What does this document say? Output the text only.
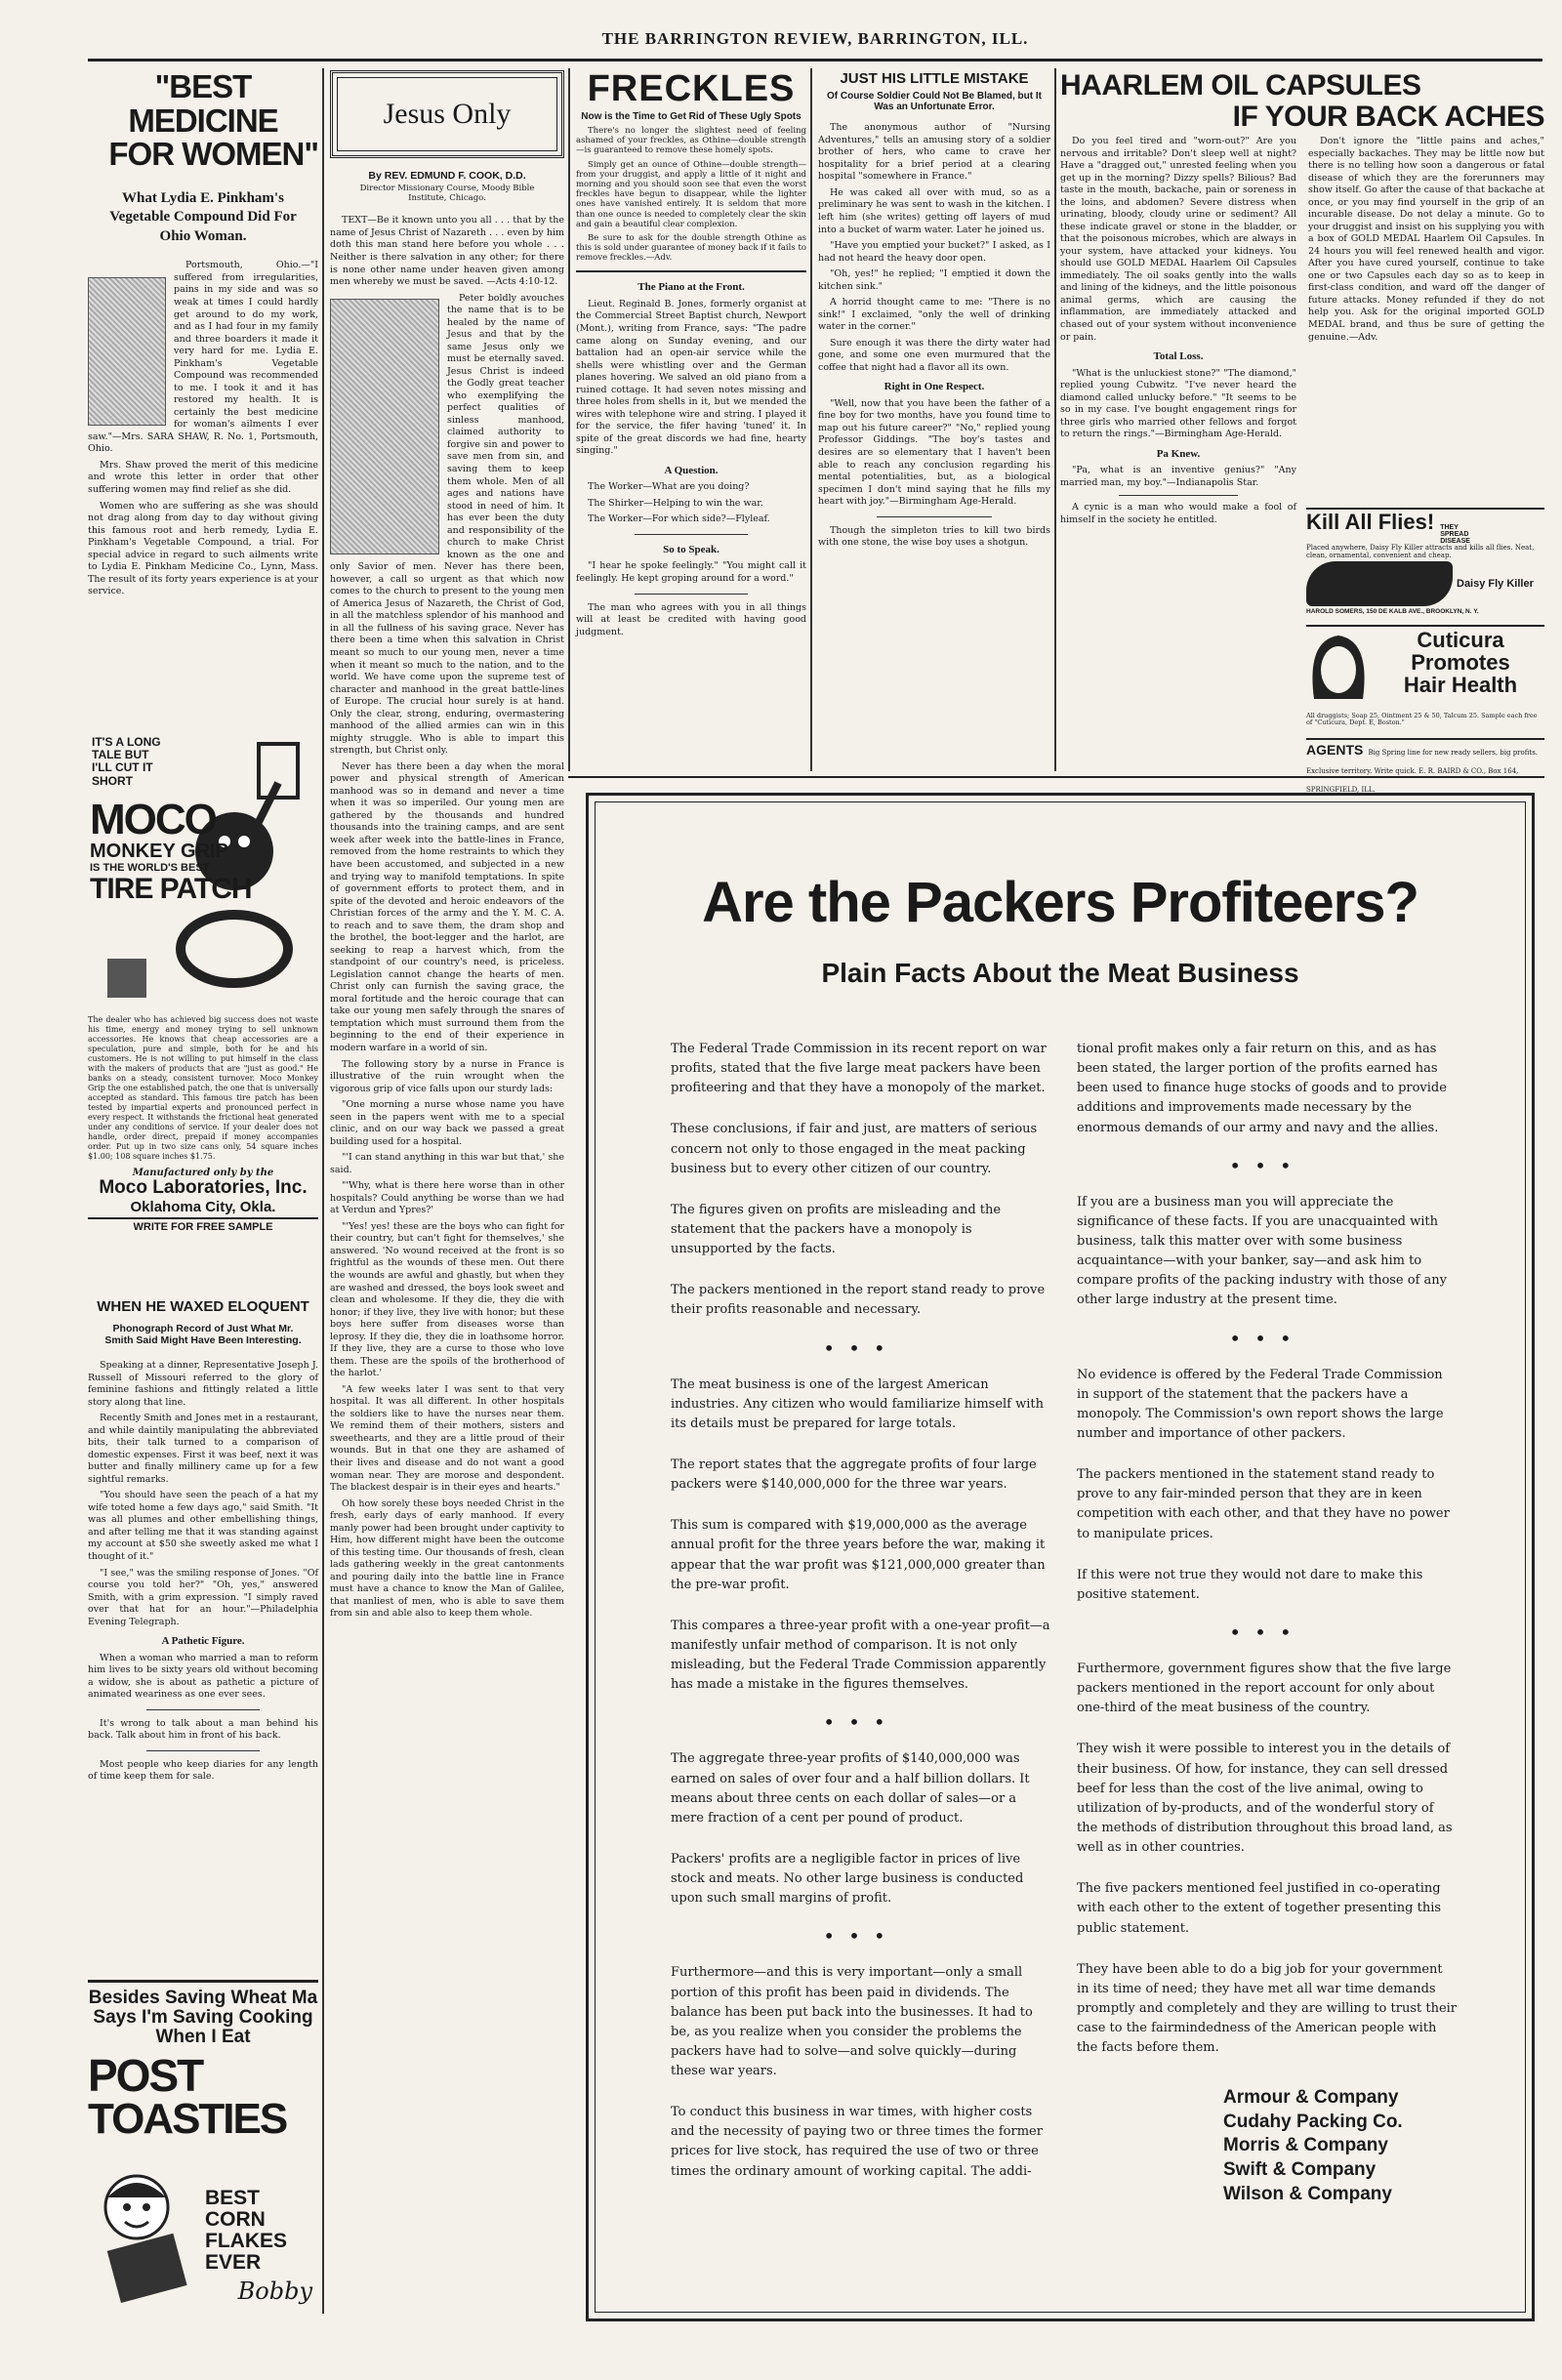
THE BARRINGTON REVIEW, BARRINGTON, ILL.
"BEST MEDICINE
FOR WOMEN"
What Lydia E. Pinkham's Vegetable Compound Did For Ohio Woman.

Portsmouth, Ohio.—"I suffered from irregularities, pains in my side and was so weak at times I could hardly get around to do my work, and as I had four in my family and three boarders it made it very hard for me. Lydia E. Pinkham's Vegetable Compound was recommended to me. I took it and it has restored my health. It is certainly the best medicine for woman's ailments I ever saw."—Mrs. SARA SHAW, R. No. 1, Portsmouth, Ohio.

Mrs. Shaw proved the merit of this medicine and wrote this letter in order that other suffering women may find relief as she did.

Women who are suffering as she was should not drag along from day to day without giving this famous root and herb remedy, Lydia E. Pinkham's Vegetable Compound, a trial. For special advice in regard to such ailments write to Lydia E. Pinkham Medicine Co., Lynn, Mass. The result of its forty years experience is at your service.

IT'S A LONG TALE BUT I'LL CUT IT SHORT
MOCO
MONKEY GRIP
IS THE WORLD'S BEST
TIRE PATCH
The dealer who has achieved big success does not waste his time, energy and money trying to sell unknown accessories. He knows that cheap accessories are a speculation, pure and simple, both for he and his customers. He is not willing to put himself in the class with the makers of products that are "just as good." He banks on a steady, consistent turnover. Moco Monkey Grip the one established patch, the one that is universally accepted as standard. This famous tire patch has been tested by impartial experts and pronounced perfect in every respect. It withstands the frictional heat generated under any conditions of service. If your dealer does not handle, order direct, prepaid if money accompanies order. Put up in two size cans only, 54 square inches $1.00; 108 square inches $1.75.
Manufactured only by the
Moco Laboratories, Inc.
Oklahoma City, Okla.
WRITE FOR FREE SAMPLE
WHEN HE WAXED ELOQUENT
Phonograph Record of Just What Mr. Smith Said Might Have Been Interesting.

Speaking at a dinner, Representative Joseph J. Russell of Missouri referred to the glory of feminine fashions and fittingly related a little story along that line.

Recently Smith and Jones met in a restaurant, and while daintily manipulating the abbreviated bits, their talk turned to a comparison of domestic expenses. First it was beef, next it was butter and finally millinery came up for a few sightful remarks.

"You should have seen the peach of a hat my wife toted home a few days ago," said Smith. "It was all plumes and other embellishing things, and after telling me that it was standing against my account at $50 she sweetly asked me what I thought of it."

"I see," was the smiling response of Jones. "Of course you told her?" "Oh, yes," answered Smith, with a grim expression. "I simply raved over that hat for an hour."—Philadelphia Evening Telegraph.

A Pathetic Figure.

When a woman who married a man to reform him lives to be sixty years old without becoming a widow, she is about as pathetic a picture of animated weariness as one ever sees.

It's wrong to talk about a man behind his back. Talk about him in front of his back.

Most people who keep diaries for any length of time keep them for sale.

Besides Saving Wheat Ma Says I'm Saving Cooking When I Eat
POST
TOASTIES
BEST CORN FLAKES EVER
Bobby
Jesus Only
By REV. EDMUND F. COOK, D.D.
Director Missionary Course, Moody Bible Institute, Chicago.

TEXT—Be it known unto you all . . . that by the name of Jesus Christ of Nazareth . . . even by him doth this man stand here before you whole . . . Neither is there salvation in any other; for there is none other name under heaven given among men whereby we must be saved. —Acts 4:10-12.

Peter boldly avouches the name that is to be healed by the name of Jesus and that by the same Jesus only we must be eternally saved. Jesus Christ is indeed the Godly great teacher who exemplifying the perfect qualities of sinless manhood, claimed authority to forgive sin and power to save men from sin, and saving them to keep them whole. Men of all ages and nations have stood in need of him. It has ever been the duty and responsibility of the church to make Christ known as the one and only Savior of men. Never has there been, however, a call so urgent as that which now comes to the church to present to the young men of America Jesus of Nazareth, the Christ of God, in all the matchless splendor of his manhood and in all the fullness of his saving grace. Never has there been a time when this salvation in Christ meant so much to our young men, never a time when it meant so much to the nation, and to the world. We have come upon the supreme test of character and manhood in the great battle-lines of Europe. The crucial hour surely is at hand. Only the clear, strong, enduring, overmastering manhood of the allied armies can win in this mighty struggle. Who is able to impart this strength, but Christ only.

Never has there been a day when the moral power and physical strength of American manhood was so in demand and never a time when it was so imperiled. Our young men are gathered by the thousands and hundred thousands into the training camps, and are sent week after week into the battle-lines in France, removed from the home restraints to which they have been accustomed, and subjected in a new and trying way to manifold temptations. In spite of government efforts to protect them, and in spite of the devoted and heroic endeavors of the Christian forces of the army and the Y. M. C. A. to reach and to save them, the dram shop and the brothel, the boot-legger and the harlot, are seeking to reap a harvest which, from the standpoint of our country's need, is priceless. Legislation cannot change the hearts of men. Christ only can furnish the saving grace, the moral fortitude and the heroic courage that can take our young men safely through the snares of temptation which must surround them from the beginning to the end of their experience in modern warfare in a world of sin.

The following story by a nurse in France is illustrative of the ruin wrought when the vigorous grip of vice falls upon our sturdy lads:

"One morning a nurse whose name you have seen in the papers went with me to a special clinic, and on our way back we passed a great building used for a hospital.

"'I can stand anything in this war but that,' she said.

"'Why, what is there here worse than in other hospitals? Could anything be worse than we had at Verdun and Ypres?'

"'Yes! yes! these are the boys who can fight for their country, but can't fight for themselves,' she answered. 'No wound received at the front is so frightful as the wounds of these men. Out there the wounds are awful and ghastly, but when they are washed and dressed, the boys look sweet and clean and wholesome. If they die, they die with honor; if they live, they live with honor; but these boys here suffer from diseases worse than leprosy. If they die, they die in loathsome horror. If they live, they are a curse to those who love them. These are the spoils of the brotherhood of the harlot.'

"A few weeks later I was sent to that very hospital. It was all different. In other hospitals the soldiers like to have the nurses near them. We remind them of their mothers, sisters and sweethearts, and they are a little proud of their wounds. But in that one they are ashamed of their lives and disease and do not want a good woman near. They are morose and despondent. The blackest despair is in their eyes and hearts."

Oh how sorely these boys needed Christ in the fresh, early days of early manhood. If every manly power had been brought under captivity to Him, how different might have been the outcome of this testing time. Our thousands of fresh, clean lads gathering weekly in the great cantonments and pouring daily into the battle line in France must have a chance to know the Man of Galilee, that manliest of men, who is able to save them from sin and able also to keep them whole.

FRECKLES
Now is the Time to Get Rid of These Ugly Spots

There's no longer the slightest need of feeling ashamed of your freckles, as Othine—double strength—is guaranteed to remove these homely spots.

Simply get an ounce of Othine—double strength—from your druggist, and apply a little of it night and morning and you should soon see that even the worst freckles have begun to disappear, while the lighter ones have vanished entirely. It is seldom that more than one ounce is needed to completely clear the skin and gain a beautiful clear complexion.

Be sure to ask for the double strength Othine as this is sold under guarantee of money back if it fails to remove freckles.—Adv.

The Piano at the Front.

Lieut. Reginald B. Jones, formerly organist at the Commercial Street Baptist church, Newport (Mont.), writing from France, says: "The padre came along on Sunday evening, and our battalion had an open-air service while the shells were whistling over and the German planes hovering. We salved an old piano from a ruined cottage. It had seven notes missing and three holes from shells in it, but we mended the wires with telephone wire and string. I played it for the service, the fifer having 'tuned' it. In spite of the great discords we had fine, hearty singing."

A Question.

The Worker—What are you doing?

The Shirker—Helping to win the war.

The Worker—For which side?—Flyleaf.

So to Speak.

"I hear he spoke feelingly." "You might call it feelingly. He kept groping around for a word."

The man who agrees with you in all things will at least be credited with having good judgment.

JUST HIS LITTLE MISTAKE
Of Course Soldier Could Not Be Blamed, but It Was an Unfortunate Error.

The anonymous author of "Nursing Adventures," tells an amusing story of a soldier brother of hers, who came to crave her hospitality for a brief period at a clearing hospital "somewhere in France."

He was caked all over with mud, so as a preliminary he was sent to wash in the kitchen. I left him (she writes) getting off layers of mud into a bucket of warm water. Later he joined us.

"Have you emptied your bucket?" I asked, as I had not heard the heavy door open.

"Oh, yes!" he replied; "I emptied it down the kitchen sink."

A horrid thought came to me: "There is no sink!" I exclaimed, "only the well of drinking water in the corner."

Sure enough it was there the dirty water had gone, and some one even murmured that the coffee that night had a flavor all its own.

Right in One Respect.

"Well, now that you have been the father of a fine boy for two months, have you found time to map out his future career?" "No," replied young Professor Giddings. "The boy's tastes and desires are so elementary that I haven't been able to reach any conclusion regarding his mental potentialities, but, as a biological specimen I don't mind saying that he fills my heart with joy."—Birmingham Age-Herald.

Though the simpleton tries to kill two birds with one stone, the wise boy uses a shotgun.

HAARLEM OIL CAPSULES
IF YOUR BACK ACHES

Do you feel tired and "worn-out?" Are you nervous and irritable? Don't sleep well at night? Have a "dragged out," unrested feeling when you get up in the morning? Dizzy spells? Bilious? Bad taste in the mouth, backache, pain or soreness in the loins, and abdomen? Severe distress when urinating, bloody, cloudy urine or sediment? All these indicate gravel or stone in the bladder, or that the poisonous microbes, which are always in your system, have attacked your kidneys. You should use GOLD MEDAL Haarlem Oil Capsules immediately. The oil soaks gently into the walls and lining of the kidneys, and the little poisonous animal germs, which are causing the inflammation, are immediately attacked and chased out of your system without inconvenience or pain.

Total Loss.

"What is the unluckiest stone?" "The diamond," replied young Cubwitz. "I've never heard the diamond called unlucky before." "It seems to be so in my case. I've bought engagement rings for three girls who married other fellows and forgot to return the rings."—Birmingham Age-Herald.

Pa Knew.

"Pa, what is an inventive genius?" "Any married man, my boy."—Indianapolis Star.

A cynic is a man who would make a fool of himself in the society he entitled.

Don't ignore the "little pains and aches," especially backaches. They may be little now but there is no telling how soon a dangerous or fatal disease of which they are the forerunners may show itself. Go after the cause of that backache at once, or you may find yourself in the grip of an incurable disease. Do not delay a minute. Go to your druggist and insist on his supplying you with a box of GOLD MEDAL Haarlem Oil Capsules. In 24 hours you will feel renewed health and vigor. After you have cured yourself, continue to take one or two Capsules each day so as to keep in first-class condition, and ward off the danger of future attacks. Money refunded if they do not help you. Ask for the original imported GOLD MEDAL brand, and thus be sure of getting the genuine.—Adv.

Kill All Flies! THEY SPREAD DISEASE
Placed anywhere, Daisy Fly Killer attracts and kills all flies. Neat, clean, ornamental, convenient and cheap.
Daisy Fly Killer
HAROLD SOMERS, 150 DE KALB AVE., BROOKLYN, N. Y.
Cuticura
Promotes
Hair Health
All druggists; Soap 25, Ointment 25 & 50, Talcum 25. Sample each free of "Cuticura, Dept. E, Boston."
AGENTS Big Spring line for new ready sellers, big profits. Exclusive territory. Write quick. E. R. BAIRD & CO., Box 164, SPRINGFIELD, ILL.
Are the Packers Profiteers?
Plain Facts About the Meat Business

The Federal Trade Commission in its recent report on war profits, stated that the five large meat packers have been profiteering and that they have a monopoly of the market.

These conclusions, if fair and just, are matters of serious concern not only to those engaged in the meat packing business but to every other citizen of our country.

The figures given on profits are misleading and the statement that the packers have a monopoly is unsupported by the facts.

The packers mentioned in the report stand ready to prove their profits reasonable and necessary.

•••

The meat business is one of the largest American industries. Any citizen who would familiarize himself with its details must be prepared for large totals.

The report states that the aggregate profits of four large packers were $140,000,000 for the three war years.

This sum is compared with $19,000,000 as the average annual profit for the three years before the war, making it appear that the war profit was $121,000,000 greater than the pre-war profit.

This compares a three-year profit with a one-year profit—a manifestly unfair method of comparison. It is not only misleading, but the Federal Trade Commission apparently has made a mistake in the figures themselves.

•••

The aggregate three-year profits of $140,000,000 was earned on sales of over four and a half billion dollars. It means about three cents on each dollar of sales—or a mere fraction of a cent per pound of product.

Packers' profits are a negligible factor in prices of live stock and meats. No other large business is conducted upon such small margins of profit.

•••

Furthermore—and this is very important—only a small portion of this profit has been paid in dividends. The balance has been put back into the businesses. It had to be, as you realize when you consider the problems the packers have had to solve—and solve quickly—during these war years.

To conduct this business in war times, with higher costs and the necessity of paying two or three times the former prices for live stock, has required the use of two or three times the ordinary amount of working capital. The addi-

tional profit makes only a fair return on this, and as has been stated, the larger portion of the profits earned has been used to finance huge stocks of goods and to provide additions and improvements made necessary by the enormous demands of our army and navy and the allies.

•••

If you are a business man you will appreciate the significance of these facts. If you are unacquainted with business, talk this matter over with some business acquaintance—with your banker, say—and ask him to compare profits of the packing industry with those of any other large industry at the present time.

•••

No evidence is offered by the Federal Trade Commission in support of the statement that the packers have a monopoly. The Commission's own report shows the large number and importance of other packers.

The packers mentioned in the statement stand ready to prove to any fair-minded person that they are in keen competition with each other, and that they have no power to manipulate prices.

If this were not true they would not dare to make this positive statement.

•••

Furthermore, government figures show that the five large packers mentioned in the report account for only about one-third of the meat business of the country.

They wish it were possible to interest you in the details of their business. Of how, for instance, they can sell dressed beef for less than the cost of the live animal, owing to utilization of by-products, and of the wonderful story of the methods of distribution throughout this broad land, as well as in other countries.

The five packers mentioned feel justified in co-operating with each other to the extent of together presenting this public statement.

They have been able to do a big job for your government in its time of need; they have met all war time demands promptly and completely and they are willing to trust their case to the fairmindedness of the American people with the facts before them.

Armour & Company
Cudahy Packing Co.
Morris & Company
Swift & Company
Wilson & Company
